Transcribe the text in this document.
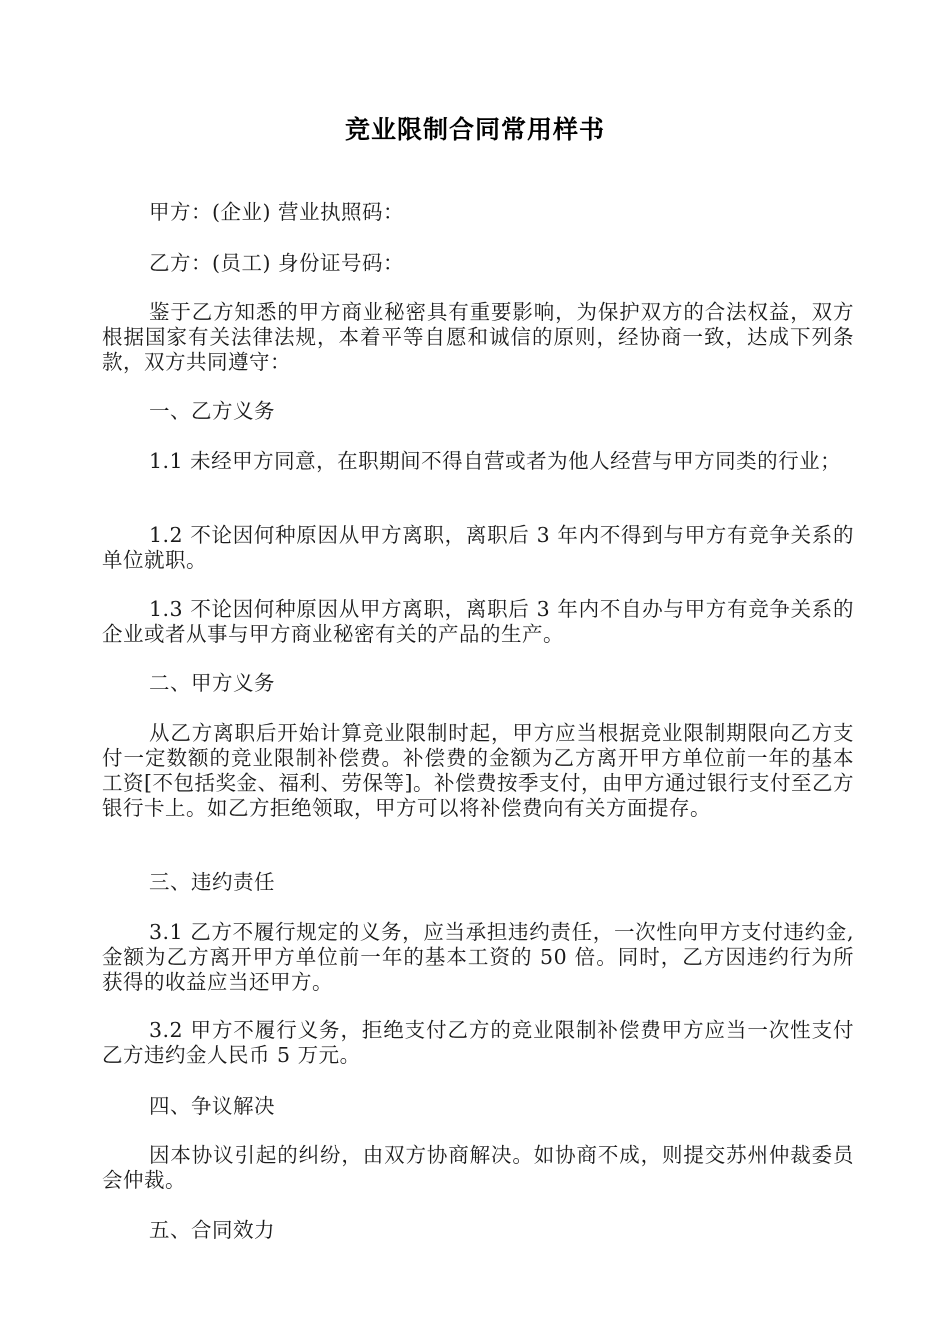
竞业限制合同常用样书

甲方：(企业) 营业执照码：

乙方：(员工) 身份证号码：

鉴于乙方知悉的甲方商业秘密具有重要影响，为保护双方的合法权益，双方根据国家有关法律法规，本着平等自愿和诚信的原则，经协商一致，达成下列条款，双方共同遵守：

一、乙方义务

1.1 未经甲方同意，在职期间不得自营或者为他人经营与甲方同类的行业；

1.2 不论因何种原因从甲方离职，离职后 3 年内不得到与甲方有竞争关系的单位就职。

1.3 不论因何种原因从甲方离职，离职后 3 年内不自办与甲方有竞争关系的企业或者从事与甲方商业秘密有关的产品的生产。

二、甲方义务

从乙方离职后开始计算竞业限制时起，甲方应当根据竞业限制期限向乙方支付一定数额的竞业限制补偿费。补偿费的金额为乙方离开甲方单位前一年的基本工资[不包括奖金、福利、劳保等]。补偿费按季支付，由甲方通过银行支付至乙方银行卡上。如乙方拒绝领取，甲方可以将补偿费向有关方面提存。

三、违约责任

3.1 乙方不履行规定的义务，应当承担违约责任，一次性向甲方支付违约金,金额为乙方离开甲方单位前一年的基本工资的 50 倍。同时，乙方因违约行为所获得的收益应当还甲方。

3.2 甲方不履行义务，拒绝支付乙方的竞业限制补偿费甲方应当一次性支付乙方违约金人民币 5 万元。

四、争议解决

因本协议引起的纠纷，由双方协商解决。如协商不成，则提交苏州仲裁委员会仲裁。

五、合同效力
